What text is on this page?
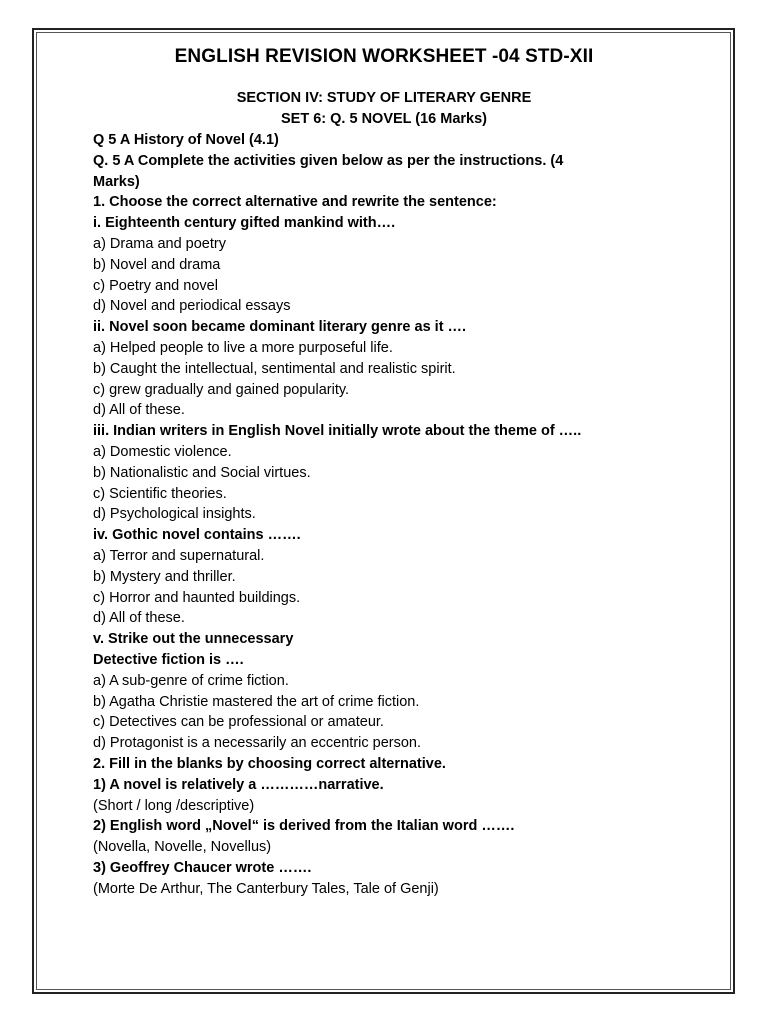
ENGLISH REVISION WORKSHEET -04 STD-XII
SECTION IV: STUDY OF LITERARY GENRE
SET 6: Q. 5 NOVEL (16 Marks)
Q 5 A History of Novel (4.1)
Q. 5 A Complete the activities given below as per the instructions. (4
Marks)
1. Choose the correct alternative and rewrite the sentence:
i. Eighteenth century gifted mankind with….
a) Drama and poetry
b) Novel and drama
c) Poetry and novel
d) Novel and periodical essays
ii. Novel soon became dominant literary genre as it ….
a) Helped people to live a more purposeful life.
b) Caught the intellectual, sentimental and realistic spirit.
c) grew gradually and gained popularity.
d) All of these.
iii. Indian writers in English Novel initially wrote about the theme of …..
a) Domestic violence.
b) Nationalistic and Social virtues.
c) Scientific theories.
d) Psychological insights.
iv. Gothic novel contains …….
a) Terror and supernatural.
b) Mystery and thriller.
c) Horror and haunted buildings.
d) All of these.
v. Strike out the unnecessary
Detective fiction is ….
a) A sub-genre of crime fiction.
b) Agatha Christie mastered the art of crime fiction.
c) Detectives can be professional or amateur.
d) Protagonist is a necessarily an eccentric person.
2. Fill in the blanks by choosing correct alternative.
1) A novel is relatively a …………narrative.
(Short / long /descriptive)
2) English word „Novel“ is derived from the Italian word …….
(Novella, Novelle, Novellus)
3) Geoffrey Chaucer wrote …….
(Morte De Arthur, The Canterbury Tales, Tale of Genji)
